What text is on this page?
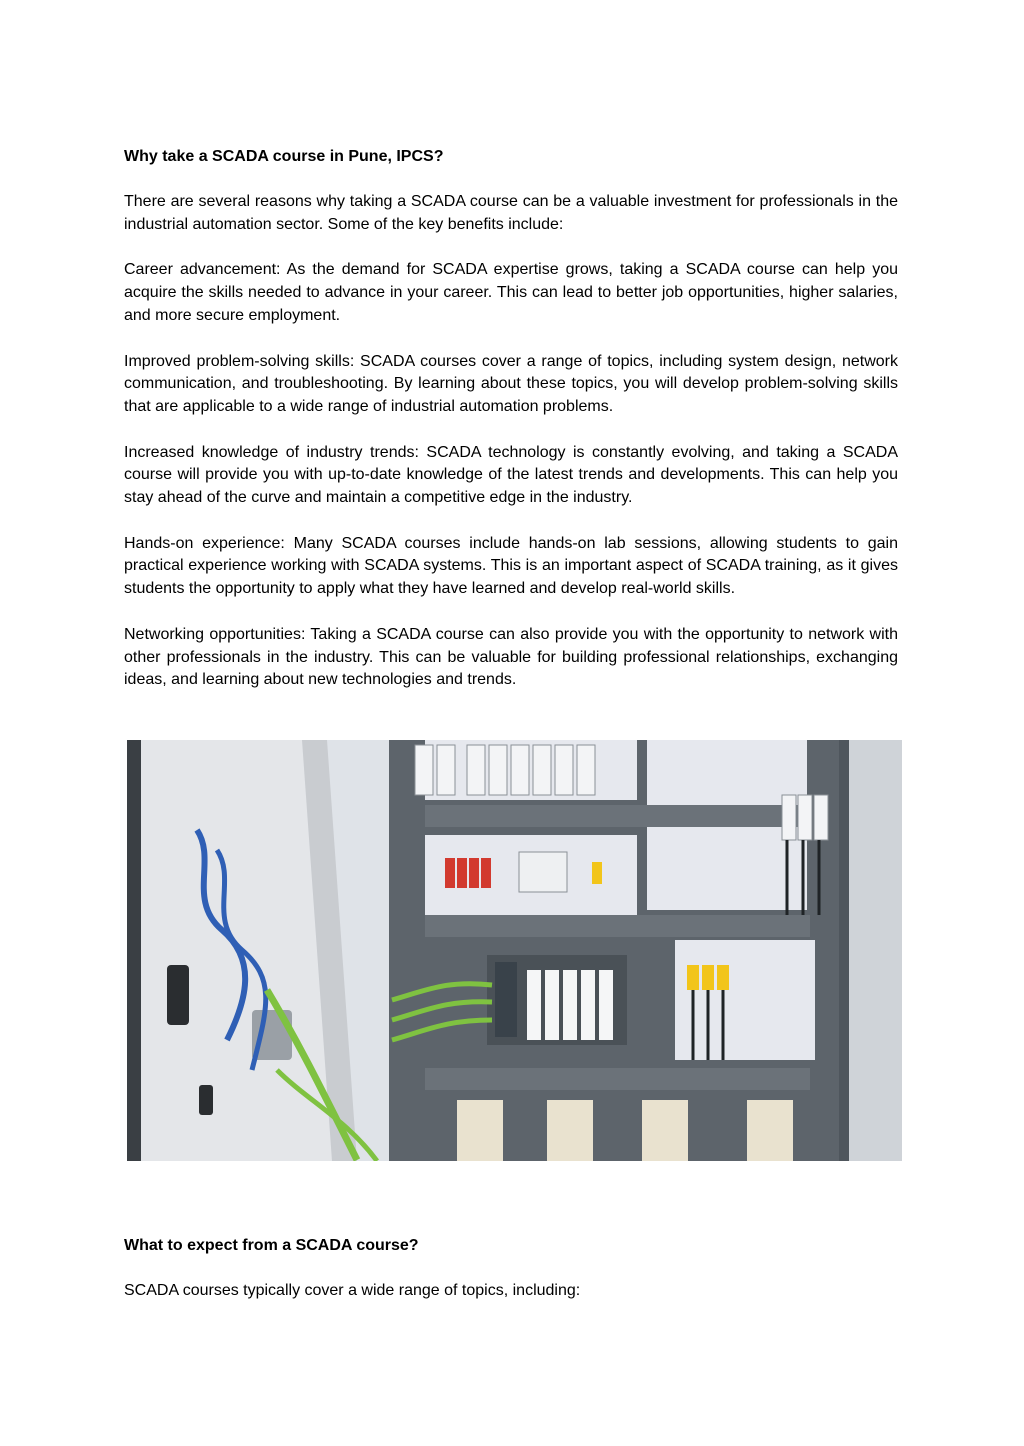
Why take a SCADA course in Pune, IPCS?

There are several reasons why taking a SCADA course can be a valuable investment for professionals in the industrial automation sector. Some of the key benefits include:

Career advancement: As the demand for SCADA expertise grows, taking a SCADA course can help you acquire the skills needed to advance in your career. This can lead to better job opportunities, higher salaries, and more secure employment.

Improved problem-solving skills: SCADA courses cover a range of topics, including system design, network communication, and troubleshooting. By learning about these topics, you will develop problem-solving skills that are applicable to a wide range of industrial automation problems.

Increased knowledge of industry trends: SCADA technology is constantly evolving, and taking a SCADA course will provide you with up-to-date knowledge of the latest trends and developments. This can help you stay ahead of the curve and maintain a competitive edge in the industry.

Hands-on experience: Many SCADA courses include hands-on lab sessions, allowing students to gain practical experience working with SCADA systems. This is an important aspect of SCADA training, as it gives students the opportunity to apply what they have learned and develop real-world skills.

Networking opportunities: Taking a SCADA course can also provide you with the opportunity to network with other professionals in the industry. This can be valuable for building professional relationships, exchanging ideas, and learning about new technologies and trends.

What to expect from a SCADA course?

SCADA courses typically cover a wide range of topics, including:
